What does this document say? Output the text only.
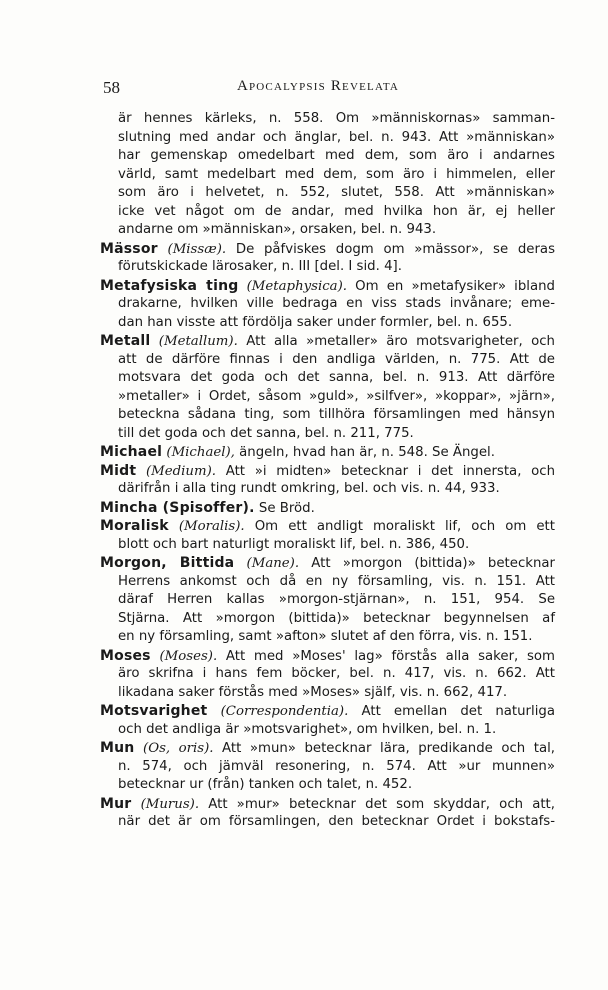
58	Apocalypsis Revelata
är hennes kärleks, n. 558. Om »människornas» samman-
slutning med andar och änglar, bel. n. 943. Att »människan»
har gemenskap omedelbart med dem, som äro i andarnes
värld, samt medelbart med dem, som äro i himmelen, eller
som äro i helvetet, n. 552, slutet, 558. Att »människan»
icke vet något om de andar, med hvilka hon är, ej heller
andarne om »människan», orsaken, bel. n. 943.
Mässor (Missæ). De påfviskes dogm om »mässor», se deras
förutskickade lärosaker, n. III [del. I sid. 4].
Metafysiska ting (Metaphysica). Om en »metafysiker» ibland
drakarne, hvilken ville bedraga en viss stads invånare; eme-
dan han visste att fördölja saker under formler, bel. n. 655.
Metall (Metallum). Att alla »metaller» äro motsvarigheter, och
att de därföre finnas i den andliga världen, n. 775. Att de
motsvara det goda och det sanna, bel. n. 913. Att därföre
»metaller» i Ordet, såsom »guld», »silfver», »koppar», »järn»,
beteckna sådana ting, som tillhöra församlingen med hänsyn
till det goda och det sanna, bel. n. 211, 775.
Michael (Michael), ängeln, hvad han är, n. 548. Se Ängel.
Midt (Medium). Att »i midten» betecknar i det innersta, och
därifrån i alla ting rundt omkring, bel. och vis. n. 44, 933.
Mincha (Spisoffer). Se Bröd.
Moralisk (Moralis). Om ett andligt moraliskt lif, och om ett
blott och bart naturligt moraliskt lif, bel. n. 386, 450.
Morgon, Bittida (Mane). Att »morgon (bittida)» betecknar
Herrens ankomst och då en ny församling, vis. n. 151. Att
däraf Herren kallas »morgon-stjärnan», n. 151, 954. Se
Stjärna. Att »morgon (bittida)» betecknar begynnelsen af
en ny församling, samt »afton» slutet af den förra, vis. n. 151.
Moses (Moses). Att med »Moses' lag» förstås alla saker, som
äro skrifna i hans fem böcker, bel. n. 417, vis. n. 662. Att
likadana saker förstås med »Moses» själf, vis. n. 662, 417.
Motsvarighet (Correspondentia). Att emellan det naturliga
och det andliga är »motsvarighet», om hvilken, bel. n. 1.
Mun (Os, oris). Att »mun» betecknar lära, predikande och tal,
n. 574, och jämväl resonering, n. 574. Att »ur munnen»
betecknar ur (från) tanken och talet, n. 452.
Mur (Murus). Att »mur» betecknar det som skyddar, och att,
när det är om församlingen, den betecknar Ordet i bokstafs-
